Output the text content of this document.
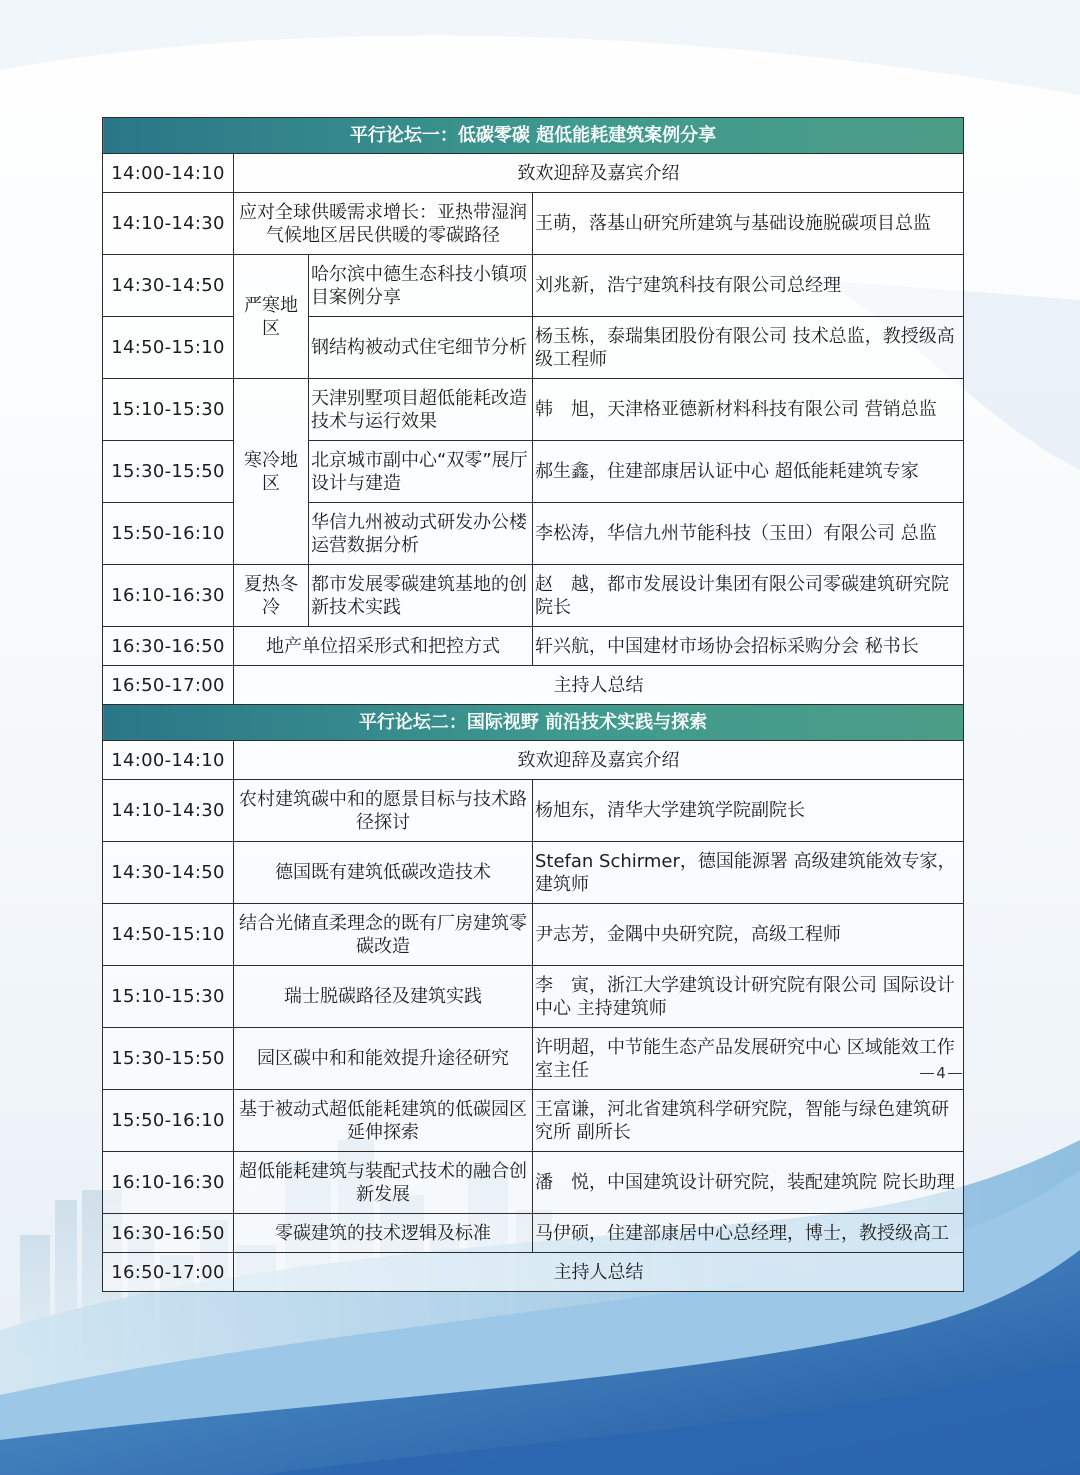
平行论坛一：低碳零碳 超低能耗建筑案例分享			
14:00-14:10	致欢迎辞及嘉宾介绍		
14:10-14:30	应对全球供暖需求增长：亚热带湿润气候地区居民供暖的零碳路径		王萌，落基山研究所建筑与基础设施脱碳项目总监
14:30-14:50	严寒地区	哈尔滨中德生态科技小镇项目案例分享	刘兆新，浩宁建筑科技有限公司总经理
14:50-15:10		钢结构被动式住宅细节分析	杨玉栋，泰瑞集团股份有限公司 技术总监，教授级高级工程师
15:10-15:30	寒冷地区	天津别墅项目超低能耗改造技术与运行效果	韩　旭，天津格亚德新材料科技有限公司 营销总监
15:30-15:50		北京城市副中心“双零”展厅设计与建造	郝生鑫，住建部康居认证中心 超低能耗建筑专家
15:50-16:10		华信九州被动式研发办公楼运营数据分析	李松涛，华信九州节能科技（玉田）有限公司 总监
16:10-16:30	夏热冬冷	都市发展零碳建筑基地的创新技术实践	赵　越，都市发展设计集团有限公司零碳建筑研究院院长
16:30-16:50	地产单位招采形式和把控方式		轩兴航，中国建材市场协会招标采购分会 秘书长
16:50-17:00	主持人总结		
平行论坛二：国际视野 前沿技术实践与探索			
14:00-14:10	致欢迎辞及嘉宾介绍		
14:10-14:30	农村建筑碳中和的愿景目标与技术路径探讨		杨旭东，清华大学建筑学院副院长
14:30-14:50	德国既有建筑低碳改造技术		Stefan Schirmer，德国能源署 高级建筑能效专家，建筑师
14:50-15:10	结合光储直柔理念的既有厂房建筑零碳改造		尹志芳，金隅中央研究院，高级工程师
15:10-15:30	瑞士脱碳路径及建筑实践		李　寅，浙江大学建筑设计研究院有限公司 国际设计中心 主持建筑师
15:30-15:50	园区碳中和和能效提升途径研究		许明超，中节能生态产品发展研究中心 区域能效工作室主任
15:50-16:10	基于被动式超低能耗建筑的低碳园区延伸探索		王富谦，河北省建筑科学研究院，智能与绿色建筑研究所 副所长
16:10-16:30	超低能耗建筑与装配式技术的融合创新发展		潘　悦，中国建筑设计研究院，装配建筑院 院长助理
16:30-16:50	零碳建筑的技术逻辑及标准		马伊硕，住建部康居中心总经理，博士，教授级高工
16:50-17:00	主持人总结		
4
